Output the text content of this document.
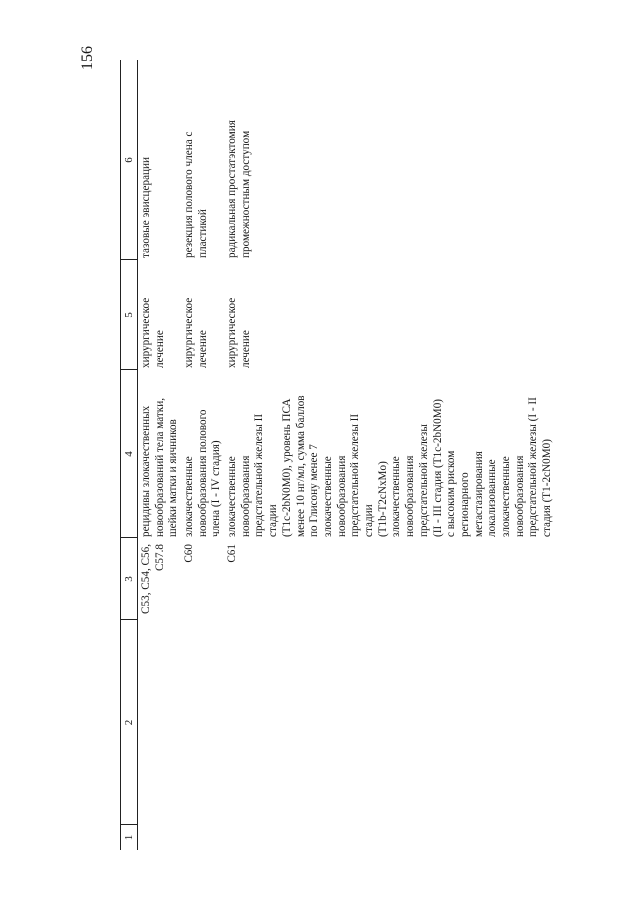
156
1
2
3
4
5
6
C53, C54, C56, C57.8
рецидивы злокачественных новообразований тела матки, шейки матки и яичников
хирургическое лечение
тазовые эвисцерации
C60
злокачественные новообразования полового члена (I - IV стадия)
хирургическое лечение
резекция полового члена с пластикой
C61
злокачественные новообразования предстательной железы II стадии (T1c-2bN0M0), уровень ПСА менее 10 нг/мл, сумма баллов по Глисону менее 7 злокачественные новообразования предстательной железы II стадии (T1b-T2cNxMo) злокачественные новообразования предстательной железы (II - III стадия (T1c-2bN0M0) с высоким риском регионарного метастазирования локализованные злокачественные новообразования предстательной железы (I - II стадия (T1-2cN0M0)
хирургическое лечение
радикальная простатэктомия промежностным доступом
